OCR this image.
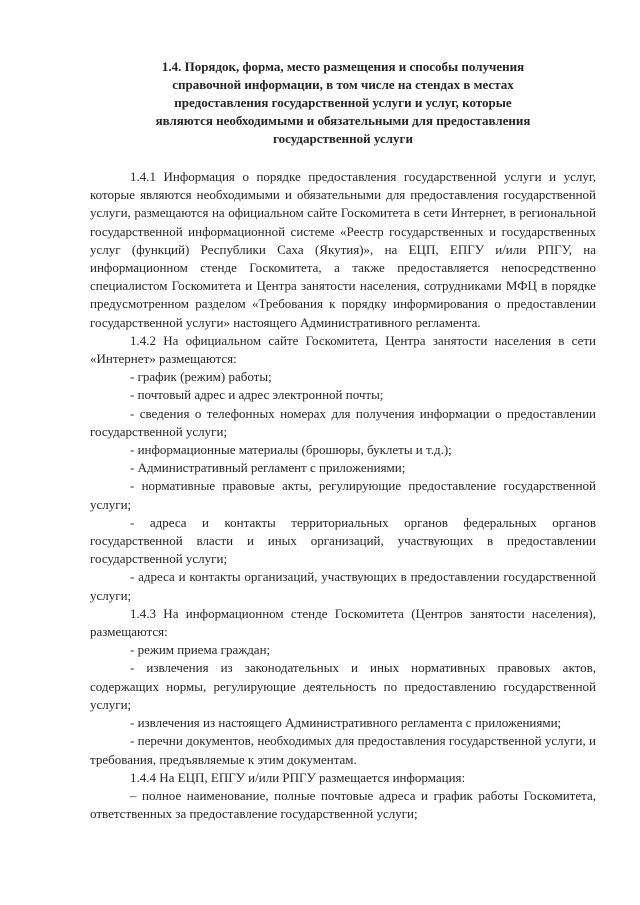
1.4. Порядок, форма, место размещения и способы получения
справочной информации, в том числе на стендах в местах
предоставления государственной услуги и услуг, которые
являются необходимыми и обязательными для предоставления
государственной услуги

1.4.1 Информация о порядке предоставления государственной услуги и услуг, которые являются необходимыми и обязательными для предоставления государственной услуги, размещаются на официальном сайте Госкомитета в сети Интернет, в региональной государственной информационной системе «Реестр государственных и государственных услуг (функций) Республики Саха (Якутия)», на ЕЦП, ЕПГУ и/или РПГУ, на информационном стенде Госкомитета, а также предоставляется непосредственно специалистом Госкомитета и Центра занятости населения, сотрудниками МФЦ в порядке предусмотренном разделом «Требования к порядку информирования о предоставлении государственной услуги» настоящего Административного регламента.

1.4.2 На официальном сайте Госкомитета, Центра занятости населения в сети «Интернет» размещаются:

- график (режим) работы;

- почтовый адрес и адрес электронной почты;

- сведения о телефонных номерах для получения информации о предоставлении государственной услуги;

- информационные материалы (брошюры, буклеты и т.д.);

- Административный регламент с приложениями;

- нормативные правовые акты, регулирующие предоставление государственной услуги;

- адреса и контакты территориальных органов федеральных органов государственной власти и иных организаций, участвующих в предоставлении государственной услуги;

- адреса и контакты организаций, участвующих в предоставлении государственной услуги;

1.4.3 На информационном стенде Госкомитета (Центров занятости населения), размещаются:

- режим приема граждан;

- извлечения из законодательных и иных нормативных правовых актов, содержащих нормы, регулирующие деятельность по предоставлению государственной услуги;

- извлечения из настоящего Административного регламента с приложениями;

- перечни документов, необходимых для предоставления государственной услуги, и требования, предъявляемые к этим документам.

1.4.4 На ЕЦП, ЕПГУ и/или РПГУ размещается информация:

– полное наименование, полные почтовые адреса и график работы Госкомитета, ответственных за предоставление государственной услуги;
